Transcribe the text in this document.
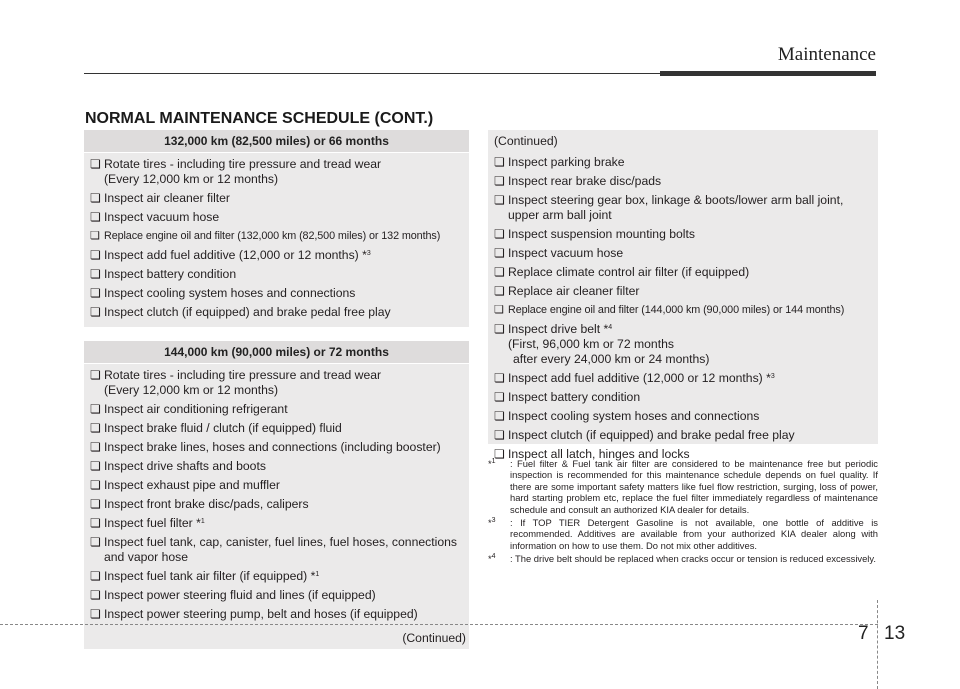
Maintenance
NORMAL MAINTENANCE SCHEDULE (CONT.)
132,000 km (82,500 miles) or 66 months
❏ Rotate tires - including tire pressure and tread wear
(Every 12,000 km or 12 months)
❏ Inspect air cleaner filter
❏ Inspect vacuum hose
❏ Replace engine oil and filter (132,000 km (82,500 miles) or 132 months)
❏ Inspect add fuel additive (12,000 or 12 months) *$^3$
❏ Inspect battery condition
❏ Inspect cooling system hoses and connections
❏ Inspect clutch (if equipped) and brake pedal free play
144,000 km (90,000 miles) or 72 months
❏ Rotate tires - including tire pressure and tread wear
(Every 12,000 km or 12 months)
❏ Inspect air conditioning refrigerant
❏ Inspect brake fluid / clutch (if equipped) fluid
❏ Inspect brake lines, hoses and connections (including booster)
❏ Inspect drive shafts and boots
❏ Inspect exhaust pipe and muffler
❏ Inspect front brake disc/pads, calipers
❏ Inspect fuel filter *$^1$
❏ Inspect fuel tank, cap, canister, fuel lines, fuel hoses, connections
and vapor hose
❏ Inspect fuel tank air filter (if equipped) *$^1$
❏ Inspect power steering fluid and lines (if equipped)
❏ Inspect power steering pump, belt and hoses (if equipped)
(Continued)
(Continued)
❏ Inspect parking brake
❏ Inspect rear brake disc/pads
❏ Inspect steering gear box, linkage & boots/lower arm ball joint,
upper arm ball joint
❏ Inspect suspension mounting bolts
❏ Inspect vacuum hose
❏ Replace climate control air filter (if equipped)
❏ Replace air cleaner filter
❏ Replace engine oil and filter (144,000 km (90,000 miles) or 144 months)
❏ Inspect drive belt *$^4$
(First, 96,000 km or 72 months
after every 24,000 km or 24 months)
❏ Inspect add fuel additive (12,000 or 12 months) *$^3$
❏ Inspect battery condition
❏ Inspect cooling system hoses and connections
❏ Inspect clutch (if equipped) and brake pedal free play
❏ Inspect all latch, hinges and locks
*$^1$ : Fuel filter & Fuel tank air filter are considered to be maintenance free but periodic inspection is recommended for this maintenance schedule depends on fuel quality. If there are some important safety matters like fuel flow restriction, surging, loss of power, hard starting problem etc, replace the fuel filter immediately regardless of maintenance schedule and consult an authorized KIA dealer for details.
*$^3$ : If TOP TIER Detergent Gasoline is not available, one bottle of additive is recommended. Additives are available from your authorized KIA dealer along with information on how to use them. Do not mix other additives.
*$^4$ : The drive belt should be replaced when cracks occur or tension is reduced excessively.
7 13
